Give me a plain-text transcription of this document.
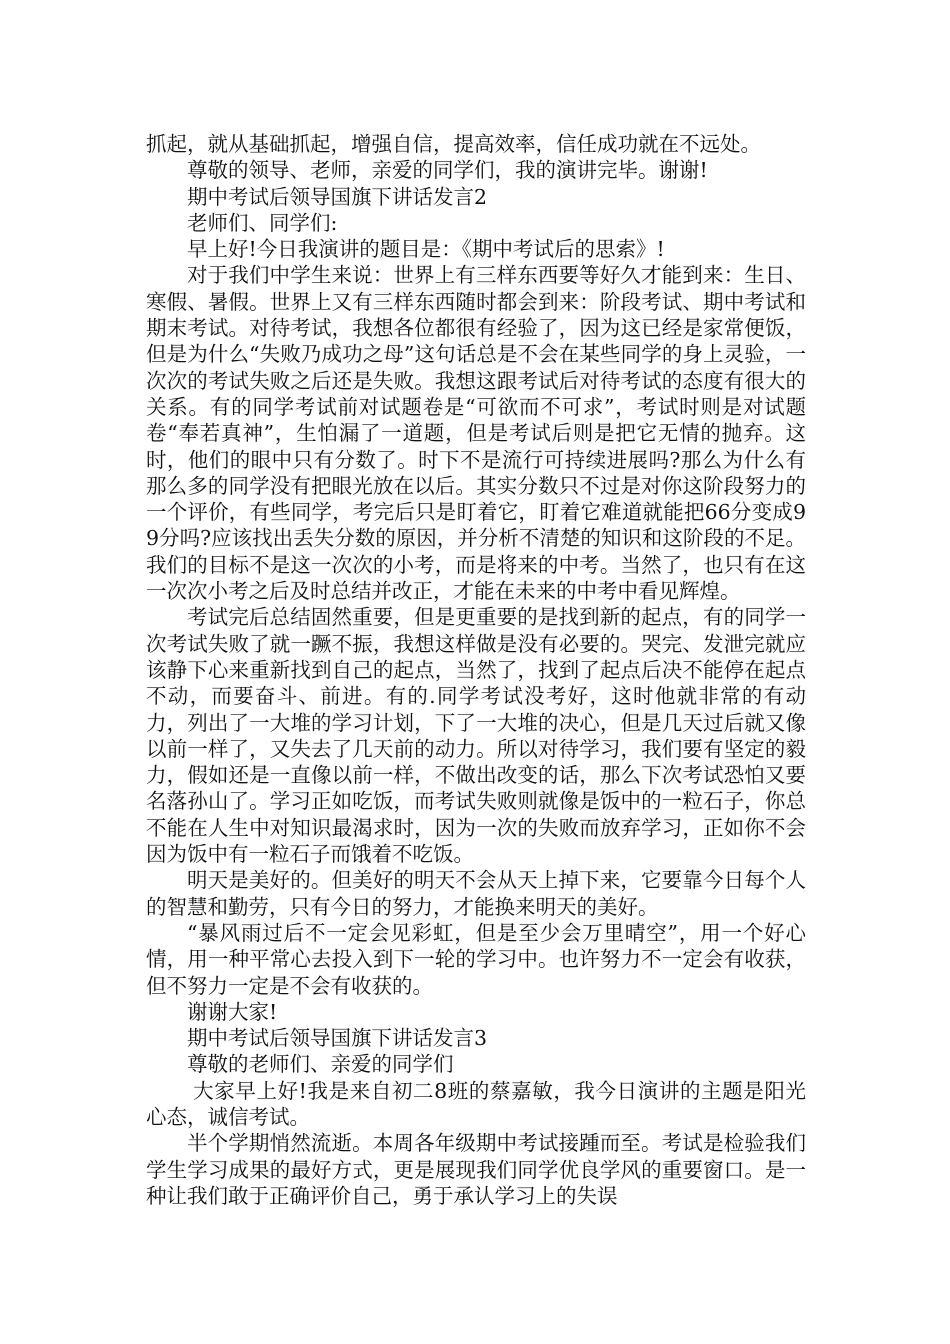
抓起，就从基础抓起，增强自信，提高效率，信任成功就在不远处。

尊敬的领导、老师，亲爱的同学们，我的演讲完毕。谢谢!

期中考试后领导国旗下讲话发言2

老师们、同学们:

早上好!今日我演讲的题目是：《期中考试后的思索》!

对于我们中学生来说：世界上有三样东西要等好久才能到来：生日、寒假、暑假。世界上又有三样东西随时都会到来：阶段考试、期中考试和期末考试。对待考试，我想各位都很有经验了，因为这已经是家常便饭，但是为什么“失败乃成功之母”这句话总是不会在某些同学的身上灵验，一次次的考试失败之后还是失败。我想这跟考试后对待考试的态度有很大的关系。有的同学考试前对试题卷是“可欲而不可求”，考试时则是对试题卷“奉若真神”，生怕漏了一道题，但是考试后则是把它无情的抛弃。这时，他们的眼中只有分数了。时下不是流行可持续进展吗?那么为什么有那么多的同学没有把眼光放在以后。其实分数只不过是对你这阶段努力的一个评价，有些同学，考完后只是盯着它，盯着它难道就能把66分变成99分吗?应该找出丢失分数的原因，并分析不清楚的知识和这阶段的不足。我们的目标不是这一次次的小考，而是将来的中考。当然了，也只有在这一次次小考之后及时总结并改正，才能在未来的中考中看见辉煌。

考试完后总结固然重要，但是更重要的是找到新的起点，有的同学一次考试失败了就一蹶不振，我想这样做是没有必要的。哭完、发泄完就应该静下心来重新找到自己的起点，当然了，找到了起点后决不能停在起点不动，而要奋斗、前进。有的.同学考试没考好，这时他就非常的有动力，列出了一大堆的学习计划，下了一大堆的决心，但是几天过后就又像以前一样了，又失去了几天前的动力。所以对待学习，我们要有坚定的毅力，假如还是一直像以前一样，不做出改变的话，那么下次考试恐怕又要名落孙山了。学习正如吃饭，而考试失败则就像是饭中的一粒石子，你总不能在人生中对知识最渴求时，因为一次的失败而放弃学习，正如你不会因为饭中有一粒石子而饿着不吃饭。

明天是美好的。但美好的明天不会从天上掉下来，它要靠今日每个人的智慧和勤劳，只有今日的努力，才能换来明天的美好。

“暴风雨过后不一定会见彩虹，但是至少会万里晴空”，用一个好心情，用一种平常心去投入到下一轮的学习中。也许努力不一定会有收获，但不努力一定是不会有收获的。

谢谢大家!

期中考试后领导国旗下讲话发言3

尊敬的老师们、亲爱的同学们

大家早上好!我是来自初二8班的蔡嘉敏，我今日演讲的主题是阳光心态，诚信考试。

半个学期悄然流逝。本周各年级期中考试接踵而至。考试是检验我们学生学习成果的最好方式，更是展现我们同学优良学风的重要窗口。是一种让我们敢于正确评价自己，勇于承认学习上的失误
